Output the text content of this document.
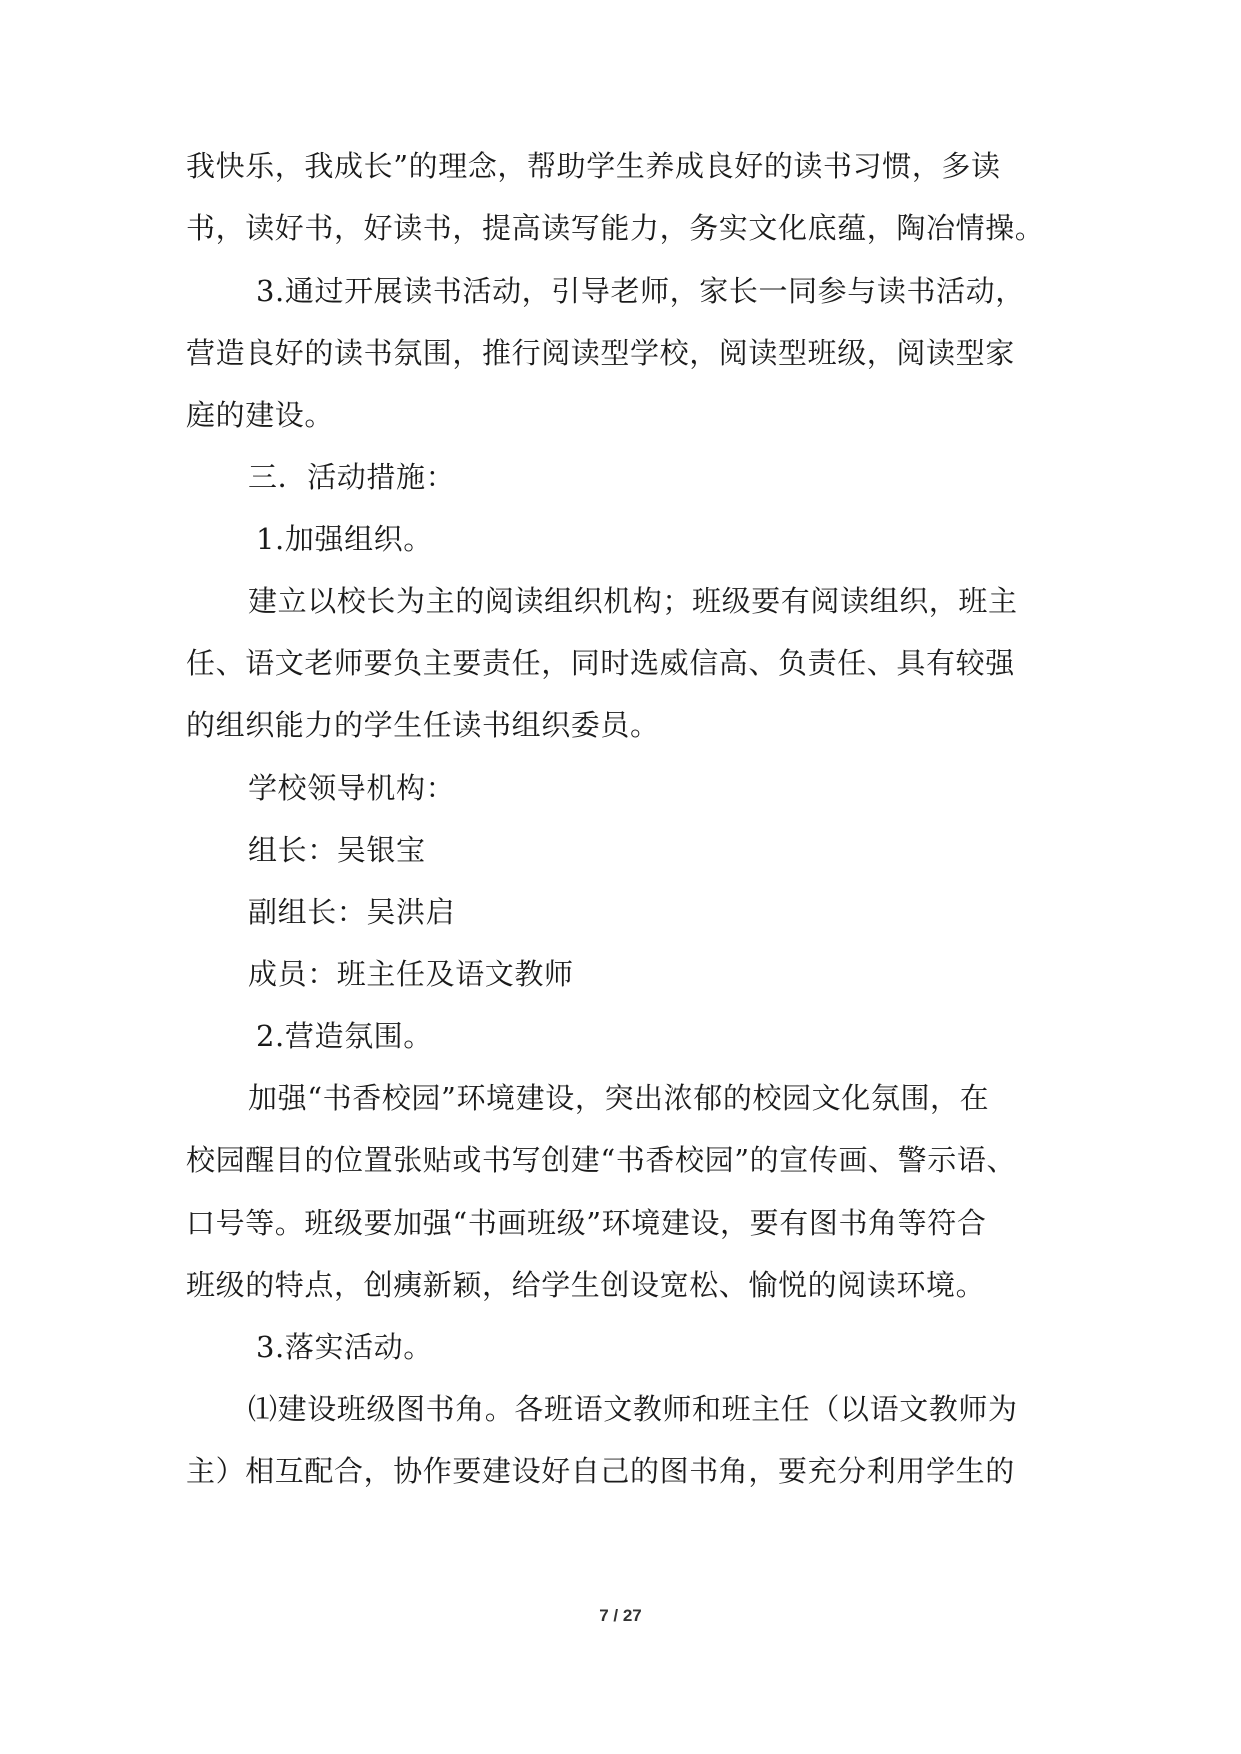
我快乐，我成长”的理念，帮助学生养成良好的读书习惯，多读
书，读好书，好读书，提高读写能力，务实文化底蕴，陶冶情操。
3.通过开展读书活动，引导老师，家长一同参与读书活动，
营造良好的读书氛围，推行阅读型学校，阅读型班级，阅读型家
庭的建设。
三．活动措施：
1.加强组织。
建立以校长为主的阅读组织机构；班级要有阅读组织，班主
任、语文老师要负主要责任，同时选威信高、负责任、具有较强
的组织能力的学生任读书组织委员。
学校领导机构：
组长：吴银宝
副组长：吴洪启
成员：班主任及语文教师
2.营造氛围。
加强“书香校园”环境建设，突出浓郁的校园文化氛围，在
校园醒目的位置张贴或书写创建“书香校园”的宣传画、警示语、
口号等。班级要加强“书画班级”环境建设，要有图书角等符合
班级的特点，创痍新颖，给学生创设宽松、愉悦的阅读环境。
3.落实活动。
⑴建设班级图书角。各班语文教师和班主任（以语文教师为
主）相互配合，协作要建设好自己的图书角，要充分利用学生的
7 / 27
